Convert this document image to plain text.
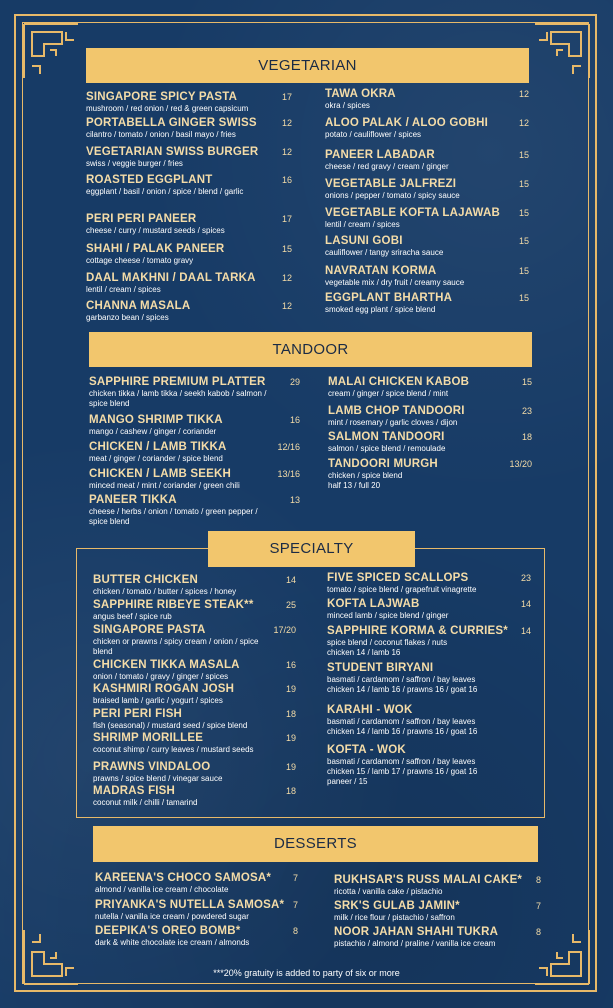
VEGETARIAN
TANDOOR
SPECIALTY
DESSERTS
SINGAPORE SPICY PASTA
mushroom / red onion / red & green capsicum
17
PORTABELLA GINGER SWISS
cilantro / tomato / onion / basil mayo / fries
12
VEGETARIAN SWISS BURGER
swiss / veggie burger / fries
12
ROASTED EGGPLANT
eggplant / basil / onion / spice / blend / garlic
16
PERI PERI PANEER
cheese / curry / mustard seeds / spices
17
SHAHI / PALAK PANEER
cottage cheese / tomato gravy
15
DAAL MAKHNI / DAAL TARKA
lentil / cream / spices
12
CHANNA MASALA
garbanzo bean / spices
12
TAWA OKRA
okra / spices
12
ALOO PALAK / ALOO GOBHI
potato / cauliflower / spices
12
PANEER LABADAR
cheese / red gravy / cream / ginger
15
VEGETABLE JALFREZI
onions / pepper / tomato / spicy sauce
15
VEGETABLE KOFTA LAJAWAB
lentil / cream / spices
15
LASUNI GOBI
cauliflower / tangy sriracha sauce
15
NAVRATAN KORMA
vegetable mix / dry fruit / creamy sauce
15
EGGPLANT BHARTHA
smoked egg plant / spice blend
15
SAPPHIRE PREMIUM PLATTER
chicken tikka / lamb tikka / seekh kabob / salmon / spice blend
29
MANGO SHRIMP TIKKA
mango / cashew / ginger / coriander
16
CHICKEN / LAMB TIKKA
meat / ginger / coriander / spice blend
12/16
CHICKEN / LAMB SEEKH
minced meat / mint / coriander / green chili
13/16
PANEER TIKKA
cheese / herbs / onion / tomato / green pepper / spice blend
13
MALAI CHICKEN KABOB
cream / ginger / spice blend / mint
15
LAMB CHOP TANDOORI
mint / rosemary / garlic cloves / dijon
23
SALMON TANDOORI
salmon / spice blend / remoulade
18
TANDOORI MURGH
chicken / spice blend
half 13 / full 20
13/20
BUTTER CHICKEN
chicken / tomato / butter / spices / honey
14
SAPPHIRE RIBEYE STEAK**
angus beef / spice rub
25
SINGAPORE PASTA
chicken or prawns / spicy cream / onion / spice blend
17/20
CHICKEN TIKKA MASALA
onion / tomato / gravy / ginger / spices
16
KASHMIRI ROGAN JOSH
braised lamb / garlic / yogurt / spices
19
PERI PERI FISH
fish (seasonal) / mustard seed / spice blend
18
SHRIMP MORILLEE
coconut shimp / curry leaves / mustard seeds
19
PRAWNS VINDALOO
prawns / spice blend / vinegar sauce
19
MADRAS FISH
coconut milk / chilli / tamarind
18
FIVE SPICED SCALLOPS
tomato / spice blend / grapefruit vinagrette
23
KOFTA LAJWAB
minced lamb / spice blend / ginger
14
SAPPHIRE KORMA & CURRIES*
spice blend / coconut flakes / nuts
chicken 14 / lamb 16
14
STUDENT BIRYANI
basmati / cardamom / saffron / bay leaves
chicken 14 / lamb 16 / prawns 16 / goat 16
KARAHI - WOK
basmati / cardamom / saffron / bay leaves
chicken 14 / lamb 16 / prawns 16 / goat 16
KOFTA - WOK
basmati / cardamom / saffron / bay leaves
chicken 15 / lamb 17 / prawns 16 / goat 16
paneer / 15
KAREENA'S CHOCO SAMOSA*
almond / vanilla ice cream / chocolate
7
PRIYANKA'S NUTELLA SAMOSA*
nutella / vanilla ice cream / powdered sugar
7
DEEPIKA'S OREO BOMB*
dark & white chocolate ice cream / almonds
8
RUKHSAR'S RUSS MALAI CAKE*
ricotta / vanilla cake / pistachio
8
SRK'S GULAB JAMIN*
milk / rice flour / pistachio / saffron
7
NOOR JAHAN SHAHI TUKRA
pistachio / almond / praline / vanilla ice cream
8
***20% gratuity is added to party of six or more
